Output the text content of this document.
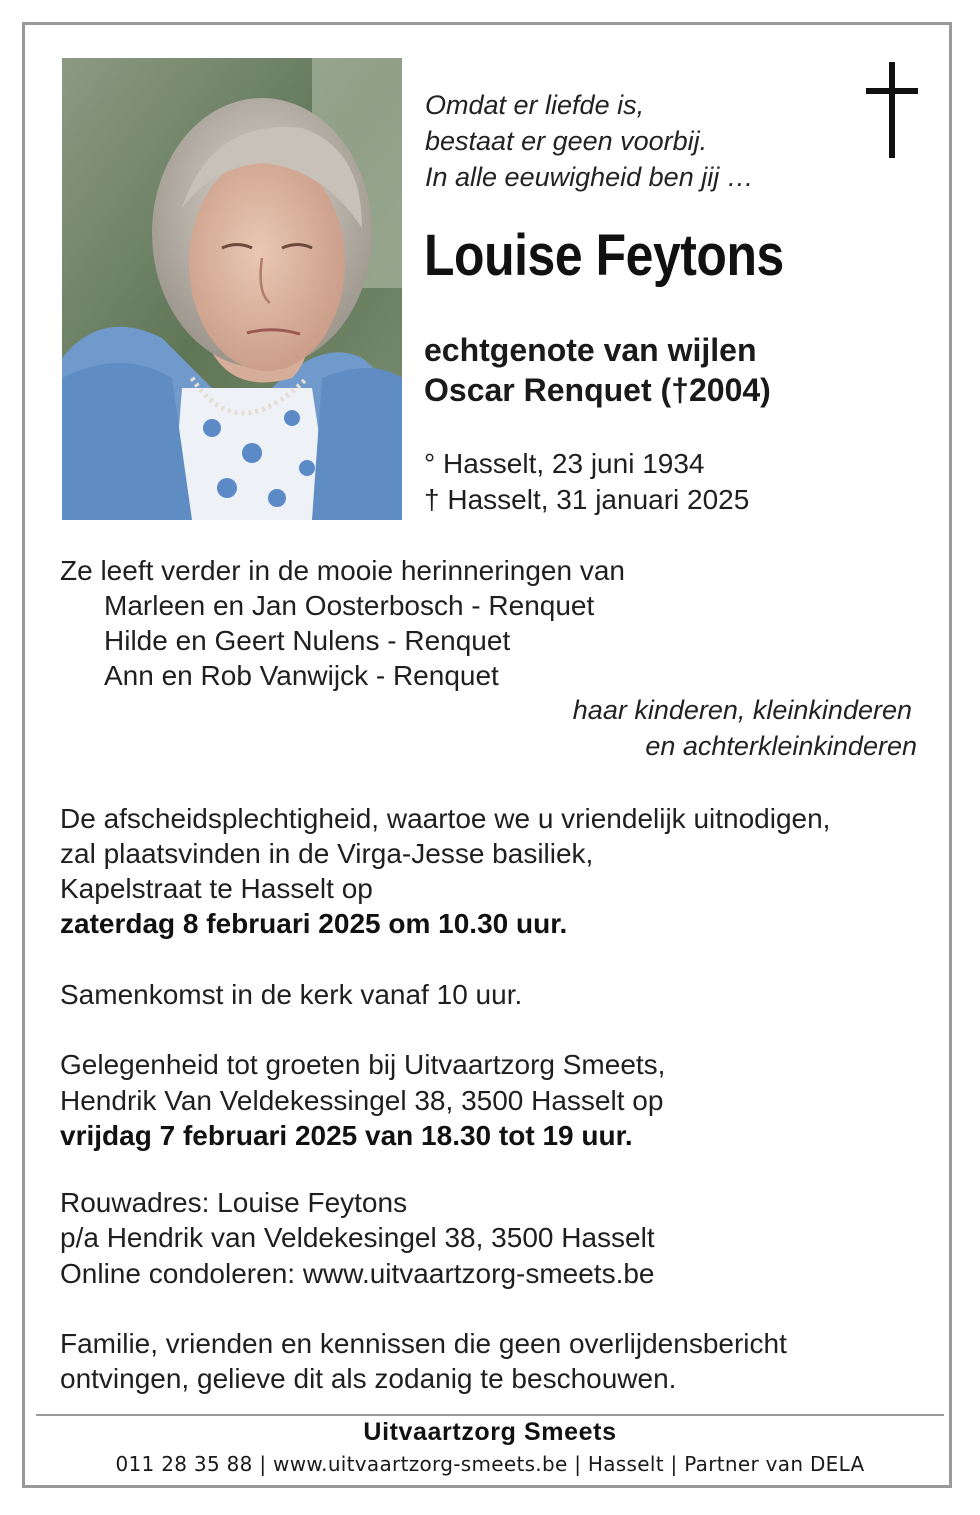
Omdat er liefde is,
bestaat er geen voorbij.
In alle eeuwigheid ben jij …
Louise Feytons
echtgenote van wijlen
Oscar Renquet (†2004)
° Hasselt, 23 juni 1934
† Hasselt, 31 januari 2025
Ze leeft verder in de mooie herinneringen van
Marleen en Jan Oosterbosch - Renquet
Hilde en Geert Nulens - Renquet
Ann en Rob Vanwijck - Renquet
haar kinderen, kleinkinderen
en achterkleinkinderen
De afscheidsplechtigheid, waartoe we u vriendelijk uitnodigen,
zal plaatsvinden in de Virga-Jesse basiliek,
Kapelstraat te Hasselt op
zaterdag 8 februari 2025 om 10.30 uur.
Samenkomst in de kerk vanaf 10 uur.
Gelegenheid tot groeten bij Uitvaartzorg Smeets,
Hendrik Van Veldekessingel 38, 3500 Hasselt op
vrijdag 7 februari 2025 van 18.30 tot 19 uur.
Rouwadres: Louise Feytons
p/a Hendrik van Veldekesingel 38, 3500 Hasselt
Online condoleren: www.uitvaartzorg-smeets.be
Familie, vrienden en kennissen die geen overlijdensbericht
ontvingen, gelieve dit als zodanig te beschouwen.
Uitvaartzorg Smeets
011 28 35 88 | www.uitvaartzorg-smeets.be | Hasselt | Partner van DELA
